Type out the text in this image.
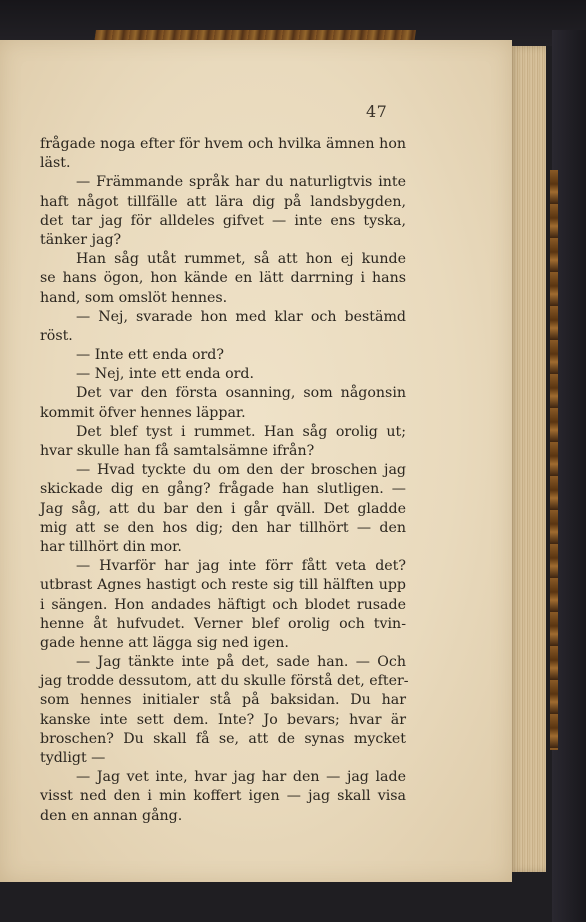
47
frågade noga efter för hvem och hvilka ämnen hon
läst.
— Främmande språk har du naturligtvis inte
haft något tillfälle att lära dig på landsbygden,
det tar jag för alldeles gifvet — inte ens tyska,
tänker jag?
Han såg utåt rummet, så att hon ej kunde
se hans ögon, hon kände en lätt darrning i hans
hand, som omslöt hennes.
— Nej, svarade hon med klar och bestämd
röst.
— Inte ett enda ord?
— Nej, inte ett enda ord.
Det var den första osanning, som någonsin
kommit öfver hennes läppar.
Det blef tyst i rummet. Han såg orolig ut;
hvar skulle han få samtalsämne ifrån?
— Hvad tyckte du om den der broschen jag
skickade dig en gång? frågade han slutligen. —
Jag såg, att du bar den i går qväll. Det gladde
mig att se den hos dig; den har tillhört — den
har tillhört din mor.
— Hvarför har jag inte förr fått veta det?
utbrast Agnes hastigt och reste sig till hälften upp
i sängen. Hon andades häftigt och blodet rusade
henne åt hufvudet. Verner blef orolig och tvin-
gade henne att lägga sig ned igen.
— Jag tänkte inte på det, sade han. — Och
jag trodde dessutom, att du skulle förstå det, efter-
som hennes initialer stå på baksidan. Du har
kanske inte sett dem. Inte? Jo bevars; hvar är
broschen? Du skall få se, att de synas mycket
tydligt —
— Jag vet inte, hvar jag har den — jag lade
visst ned den i min koffert igen — jag skall visa
den en annan gång.
